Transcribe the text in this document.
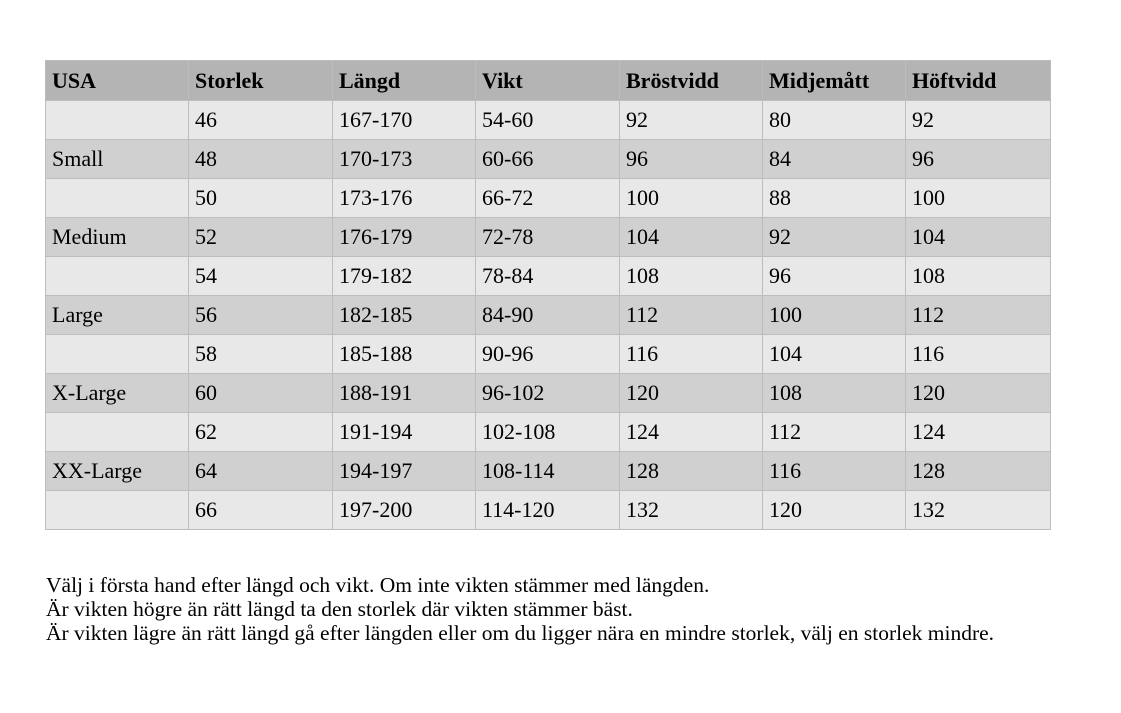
USA	Storlek	Längd	Vikt	Bröstvidd	Midjemått	Höftvidd
	46	167-170	54-60	92	80	92
Small	48	170-173	60-66	96	84	96
	50	173-176	66-72	100	88	100
Medium	52	176-179	72-78	104	92	104
	54	179-182	78-84	108	96	108
Large	56	182-185	84-90	112	100	112
	58	185-188	90-96	116	104	116
X-Large	60	188-191	96-102	120	108	120
	62	191-194	102-108	124	112	124
XX-Large	64	194-197	108-114	128	116	128
	66	197-200	114-120	132	120	132

Välj i första hand efter längd och vikt. Om inte vikten stämmer med längden.

Är vikten högre än rätt längd ta den storlek där vikten stämmer bäst.

Är vikten lägre än rätt längd gå efter längden eller om du ligger nära en mindre storlek, välj en storlek mindre.
